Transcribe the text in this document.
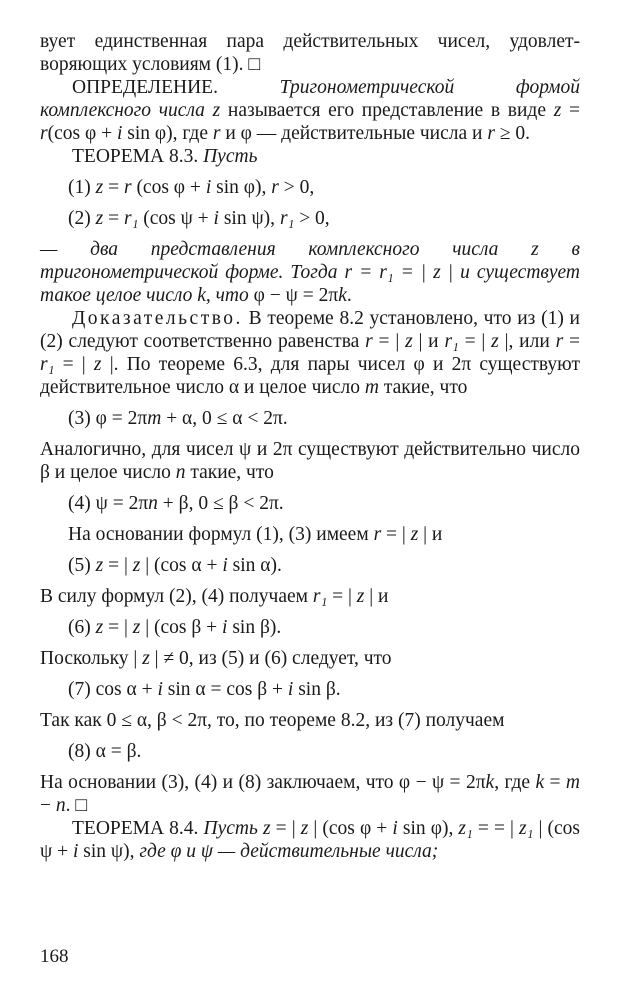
вует единственная пара действительных чисел, удовлет-

воряющих условиям (1). □

ОПРЕДЕЛЕНИЕ. Тригонометрической формой комплексного числа z называется его представление в виде z = r(cos φ + i sin φ), где r и φ — действительные числа и r ≥ 0.

ТЕОРЕМА 8.3. Пусть

(1) z = r (cos φ + i sin φ), r > 0,

(2) z = r₁ (cos ψ + i sin ψ), r₁ > 0,

— два представления комплексного числа z в тригонометрической форме. Тогда r = r₁ = | z | и существует такое целое число k, что φ − ψ = 2πk.

Доказательство. В теореме 8.2 установлено, что из (1) и (2) следуют соответственно равенства r = | z | и r₁ = | z |, или r = r₁ = | z |. По теореме 6.3, для пары чисел φ и 2π существуют действительное число α и целое число m такие, что

(3) φ = 2πm + α, 0 ≤ α < 2π.

Аналогично, для чисел ψ и 2π существуют действительно число β и целое число n такие, что

(4) ψ = 2πn + β, 0 ≤ β < 2π.

На основании формул (1), (3) имеем r = | z | и

(5) z = | z | (cos α + i sin α).

В силу формул (2), (4) получаем r₁ = | z | и

(6) z = | z | (cos β + i sin β).

Поскольку | z | ≠ 0, из (5) и (6) следует, что

(7) cos α + i sin α = cos β + i sin β.

Так как 0 ≤ α, β < 2π, то, по теореме 8.2, из (7) получаем

(8) α = β.

На основании (3), (4) и (8) заключаем, что φ − ψ = 2πk, где k = m − n. □

ТЕОРЕМА 8.4. Пусть z = | z | (cos φ + i sin φ), z₁ = = | z₁ | (cos ψ + i sin ψ), где φ и ψ — действительные числа;

168
